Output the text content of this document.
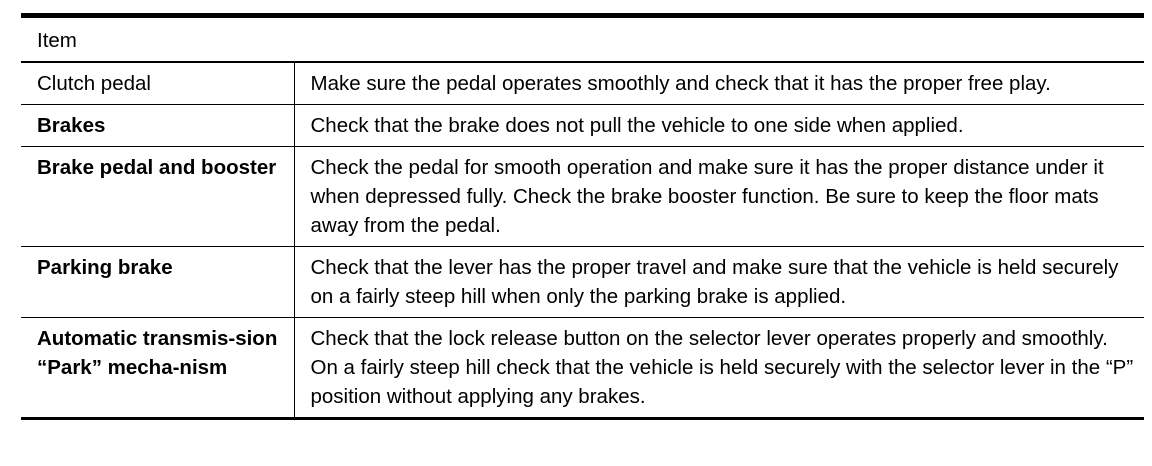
Item	
Clutch pedal	Make sure the pedal operates smoothly and check that it has the proper free play.
Brakes	Check that the brake does not pull the vehicle to one side when applied.
Brake pedal and booster	Check the pedal for smooth operation and make sure it has the proper distance under it when depressed fully. Check the brake booster function. Be sure to keep the floor mats away from the pedal.
Parking brake	Check that the lever has the proper travel and make sure that the vehicle is held securely on a fairly steep hill when only the parking brake is applied.
Automatic transmis-sion “Park” mecha-nism	Check that the lock release button on the selector lever operates properly and smoothly. On a fairly steep hill check that the vehicle is held securely with the selector lever in the “P” position without applying any brakes.
